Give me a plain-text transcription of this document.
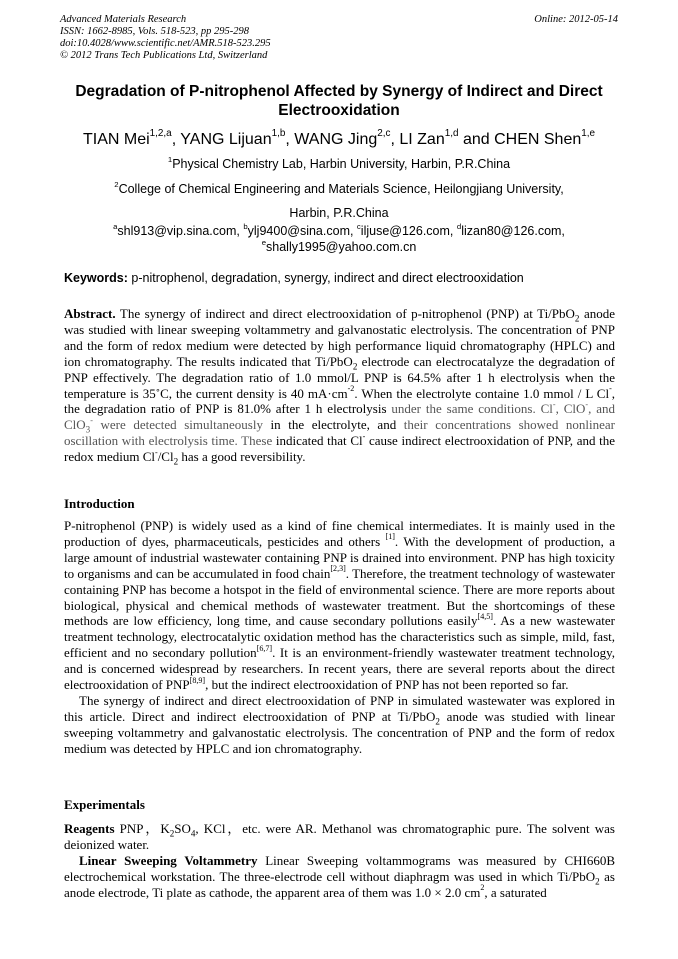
Advanced Materials Research
ISSN: 1662-8985, Vols. 518-523, pp 295-298
doi:10.4028/www.scientific.net/AMR.518-523.295
© 2012 Trans Tech Publications Ltd, Switzerland
Online: 2012-05-14
Degradation of P-nitrophenol Affected by Synergy of Indirect and Direct Electrooxidation
TIAN Mei$^{1,2,a}$, YANG Lijuan$^{1,b}$, WANG Jing$^{2,c}$, LI Zan$^{1,d}$ and CHEN Shen$^{1,e}$
$^1$Physical Chemistry Lab, Harbin University, Harbin, P.R.China
$^2$College of Chemical Engineering and Materials Science, Heilongjiang University,
Harbin, P.R.China
$^a$shl913@vip.sina.com, $^b$ylj9400@sina.com, $^c$iljuse@126.com, $^d$lizan80@126.com,
$^e$shally1995@yahoo.com.cn
Keywords: p-nitrophenol, degradation, synergy, indirect and direct electrooxidation

Abstract. The synergy of indirect and direct electrooxidation of p-nitrophenol (PNP) at Ti/PbO$_2$ anode was studied with linear sweeping voltammetry and galvanostatic electrolysis. The concentration of PNP and the form of redox medium were detected by high performance liquid chromatography (HPLC) and ion chromatography. The results indicated that Ti/PbO$_2$ electrode can electrocatalyze the degradation of PNP effectively. The degradation ratio of 1.0 mmol/L PNP is 64.5% after 1 h electrolysis when the temperature is 35˚C, the current density is 40 $mA\cdot cm^{-2}$. When the electrolyte containe 1.0 mmol / L Cl-, the degradation ratio of PNP is 81.0% after 1 h electrolysis under the same conditions. Cl-, ClO-, and ClO$_3$- were detected simultaneously in the electrolyte, and their concentrations showed nonlinear oscillation with electrolysis time. These indicated that Cl- cause indirect electrooxidation of PNP, and the redox medium $Cl^-/Cl_2$ has a good reversibility.

Introduction

P-nitrophenol (PNP) is widely used as a kind of fine chemical intermediates. It is mainly used in the production of dyes, pharmaceuticals, pesticides and others [1]. With the development of production, a large amount of industrial wastewater containing PNP is drained into environment. PNP has high toxicity to organisms and can be accumulated in food chain[2,3]. Therefore, the treatment technology of wastewater containing PNP has become a hotspot in the field of environmental science. There are more reports about biological, physical and chemical methods of wastewater treatment. But the shortcomings of these methods are low efficiency, long time, and cause secondary pollutions easily[4,5]. As a new wastewater treatment technology, electrocatalytic oxidation method has the characteristics such as simple, mild, fast, efficient and no secondary pollution[6,7]. It is an environment-friendly wastewater treatment technology, and is concerned widespread by researchers. In recent years, there are several reports about the direct electrooxidation of PNP[8,9], but the indirect electrooxidation of PNP has not been reported so far.

The synergy of indirect and direct electrooxidation of PNP in simulated wastewater was explored in this article. Direct and indirect electrooxidation of PNP at Ti/PbO$_2$ anode was studied with linear sweeping voltammetry and galvanostatic electrolysis. The concentration of PNP and the form of redox medium was detected by HPLC and ion chromatography.

Experimentals

Reagents PNP，$K_2SO_4$, KCl，etc. were AR. Methanol was chromatographic pure. The solvent was deionized water.

Linear Sweeping Voltammetry Linear Sweeping voltammograms was measured by CHI660B electrochemical workstation. The three-electrode cell without diaphragm was used in which Ti/PbO$_2$ as anode electrode, Ti plate as cathode, the apparent area of them was 1.0 × 2.0 $cm^2$, a saturated
